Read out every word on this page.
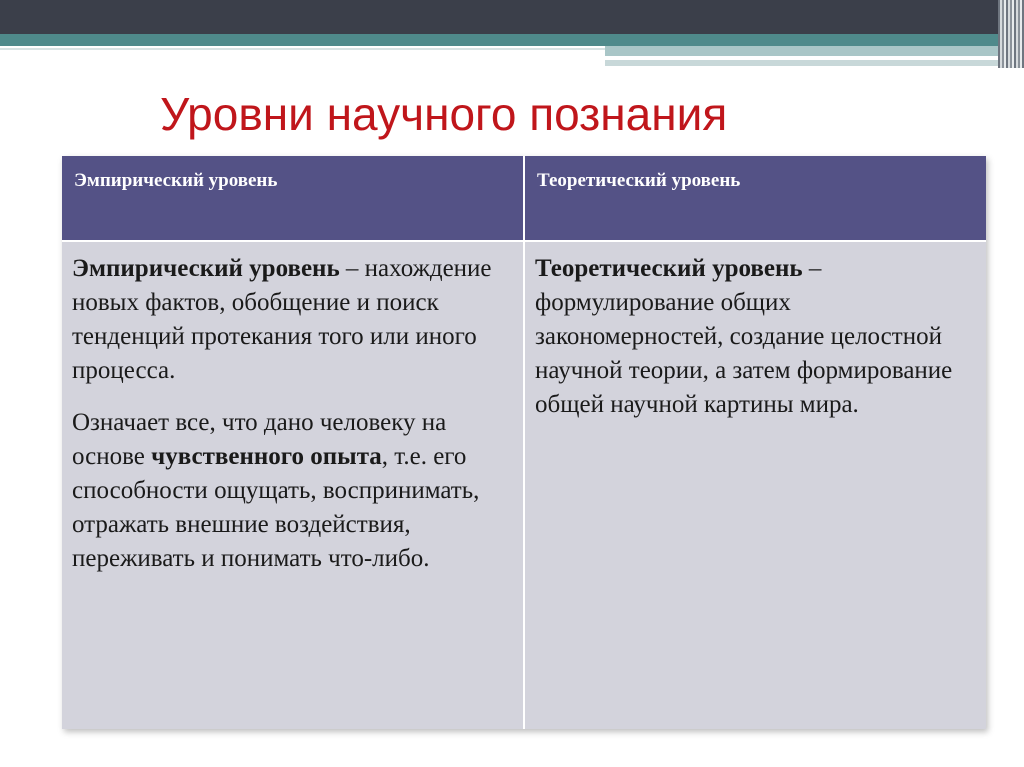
Уровни научного познания
Эмпирический уровень	Теоретический уровень

Эмпирический уровень – нахождение новых фактов, обобщение и поиск тенденций протекания того или иного процесса.

Означает все, что дано человеку на основе чувственного опыта, т.е. его способности ощущать, воспринимать, отражать внешние воздействия, переживать и понимать что-либо.

Теоретический уровень – формулирование общих закономерностей, создание целостной научной теории, а затем формирование общей научной картины мира.
